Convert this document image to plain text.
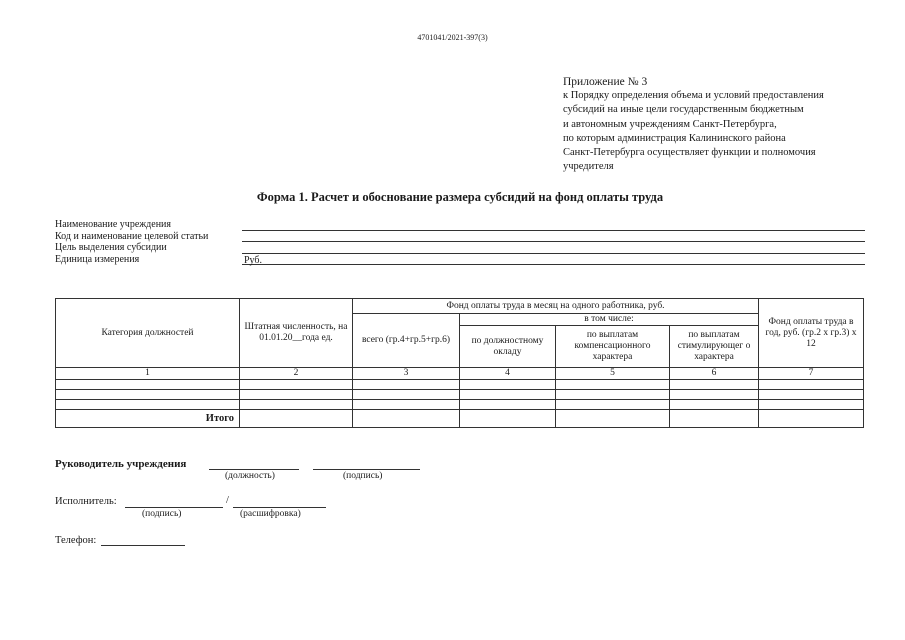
4701041/2021-397(3)
Приложение № 3
к Порядку определения объема и условий предоставления
субсидий на иные цели государственным бюджетным
и автономным учреждениям Санкт-Петербурга,
по которым администрация Калининского района
Санкт-Петербурга осуществляет функции и полномочия
учредителя
Форма 1. Расчет и обоснование размера субсидий на фонд оплаты труда
Наименование учреждения
Код и наименование целевой статьи
Цель выделения субсидии
Единица измерения	Руб.
Категория должностей	Штатная численность, на 01.01.20__года ед.	Фонд оплаты труда в месяц на одного работника, руб.				Фонд оплаты труда в год, руб. (гр.2 x гр.3) x 12
		всего (гр.4+гр.5+гр.6)	в том числе:			
			по должностному окладу	по выплатам компенсационного характера	по выплатам стимулирующег о характера	
1	2	3	4	5	6	7

Итого						
Руководитель учреждения
(должность)	(подпись)
Исполнитель:	/
(подпись)	(расшифровка)
Телефон:
